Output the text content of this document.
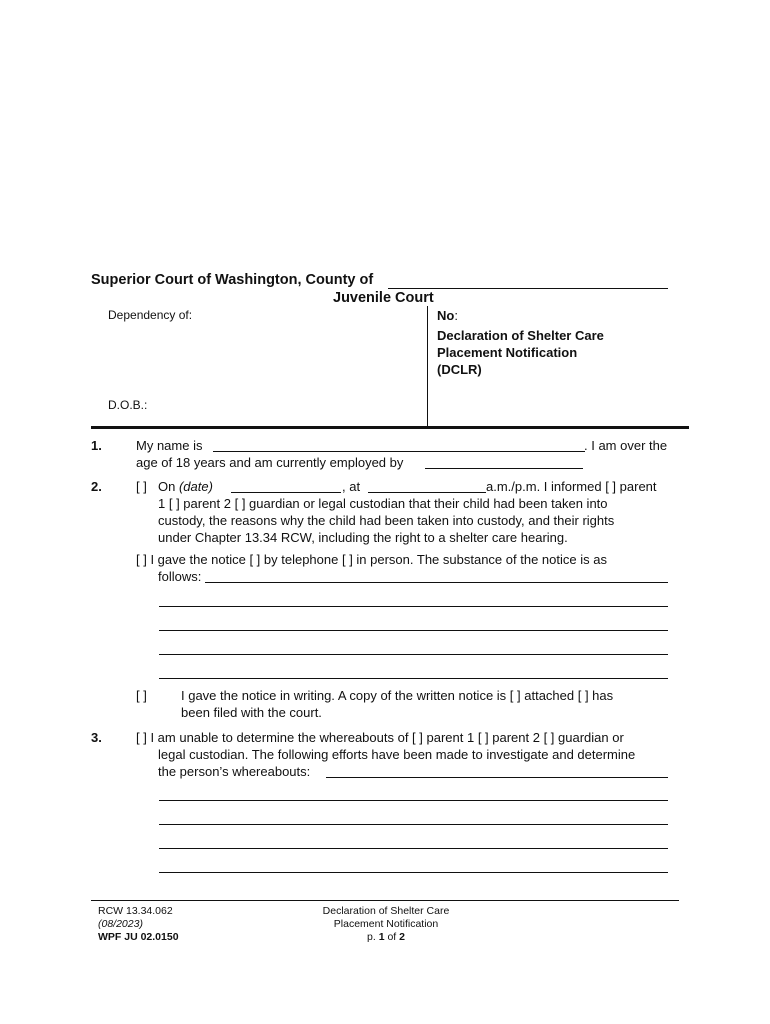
Superior Court of Washington, County of
Juvenile Court
Dependency of:
D.O.B.:
No:
Declaration of Shelter Care
Placement Notification
(DCLR)
1.	My name is	. I am over the
age of 18 years and am currently employed by
2.	[ ] On (date)	, at	a.m./p.m. I informed [ ] parent
1 [ ] parent 2 [ ] guardian or legal custodian that their child had been taken into
custody, the reasons why the child had been taken into custody, and their rights
under Chapter 13.34 RCW, including the right to a shelter care hearing.
[ ] I gave the notice [ ] by telephone [ ] in person. The substance of the notice is as
follows:
[ ]	I gave the notice in writing. A copy of the written notice is [ ] attached [ ] has
been filed with the court.
3.	[ ] I am unable to determine the whereabouts of [ ] parent 1 [ ] parent 2 [ ] guardian or
legal custodian. The following efforts have been made to investigate and determine
the person’s whereabouts:
RCW 13.34.062
(08/2023)
WPF JU 02.0150
Declaration of Shelter Care
Placement Notification
p. 1 of 2
